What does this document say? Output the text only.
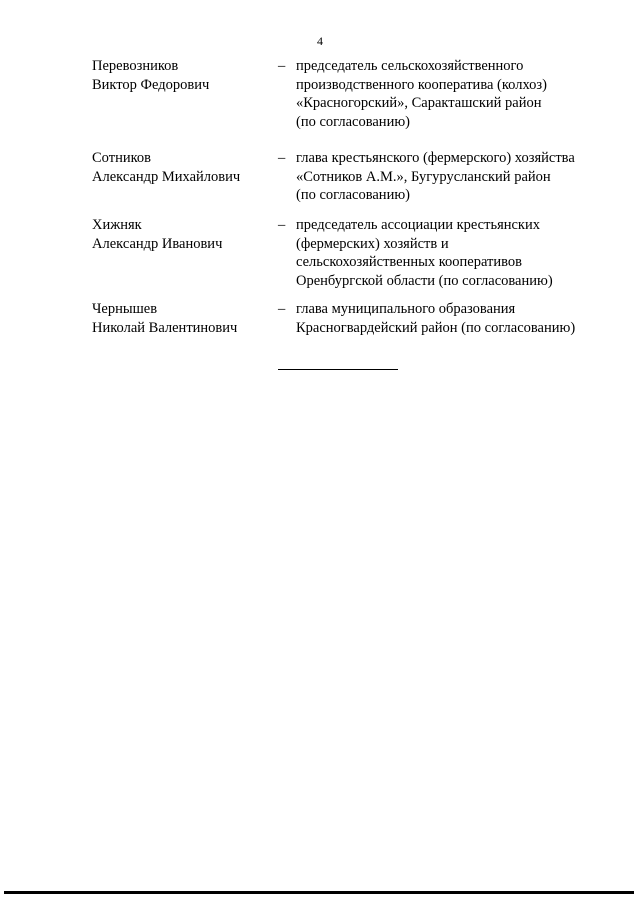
4
Перевозников
Виктор Федорович
– председатель сельскохозяйственного
производственного кооператива (колхоз)
«Красногорский», Саракташский район
(по согласованию)
Сотников
Александр Михайлович
– глава крестьянского (фермерского) хозяйства
«Сотников А.М.», Бугурусланский район
(по согласованию)
Хижняк
Александр Иванович
– председатель ассоциации крестьянских
(фермерских) хозяйств и
сельскохозяйственных кооперативов
Оренбургской области (по согласованию)
Чернышев
Николай Валентинович
– глава муниципального образования
Красногвардейский район (по согласованию)
